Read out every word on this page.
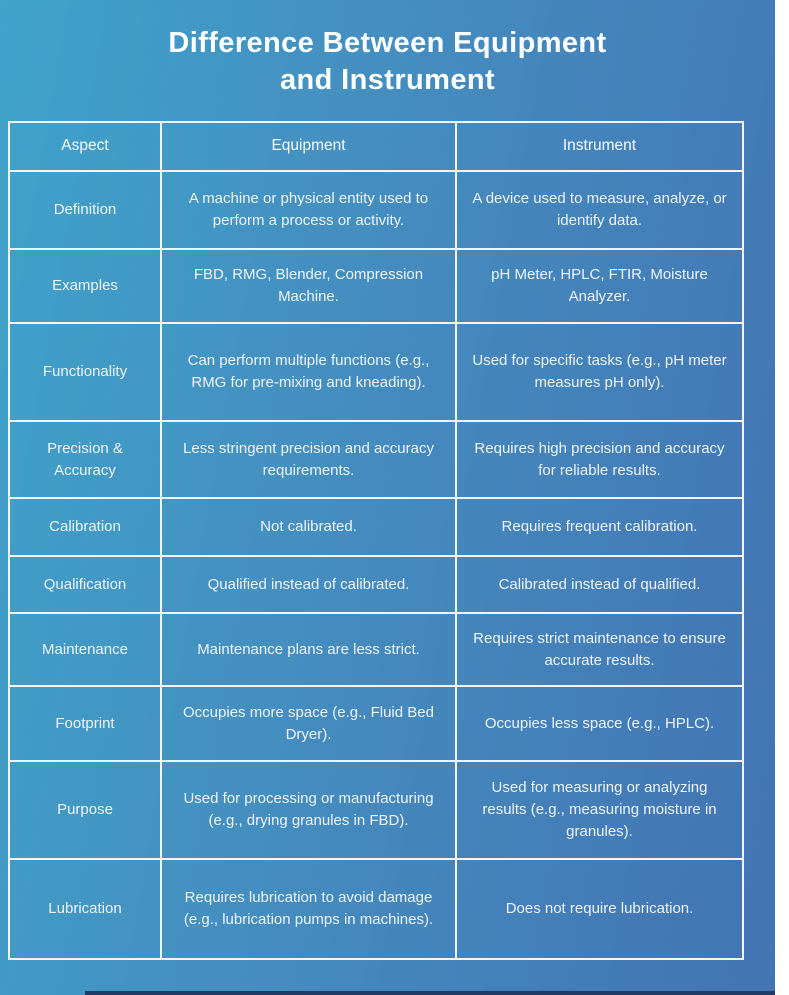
Difference Between Equipment
and Instrument
Aspect	Equipment	Instrument
Definition	A machine or physical entity used to perform a process or activity.	A device used to measure, analyze, or identify data.
Examples	FBD, RMG, Blender, Compression Machine.	pH Meter, HPLC, FTIR, Moisture Analyzer.
Functionality	Can perform multiple functions (e.g., RMG for pre-mixing and kneading).	Used for specific tasks (e.g., pH meter measures pH only).
Precision & Accuracy	Less stringent precision and accuracy requirements.	Requires high precision and accuracy for reliable results.
Calibration	Not calibrated.	Requires frequent calibration.
Qualification	Qualified instead of calibrated.	Calibrated instead of qualified.
Maintenance	Maintenance plans are less strict.	Requires strict maintenance to ensure accurate results.
Footprint	Occupies more space (e.g., Fluid Bed Dryer).	Occupies less space (e.g., HPLC).
Purpose	Used for processing or manufacturing (e.g., drying granules in FBD).	Used for measuring or analyzing results (e.g., measuring moisture in granules).
Lubrication	Requires lubrication to avoid damage (e.g., lubrication pumps in machines).	Does not require lubrication.
